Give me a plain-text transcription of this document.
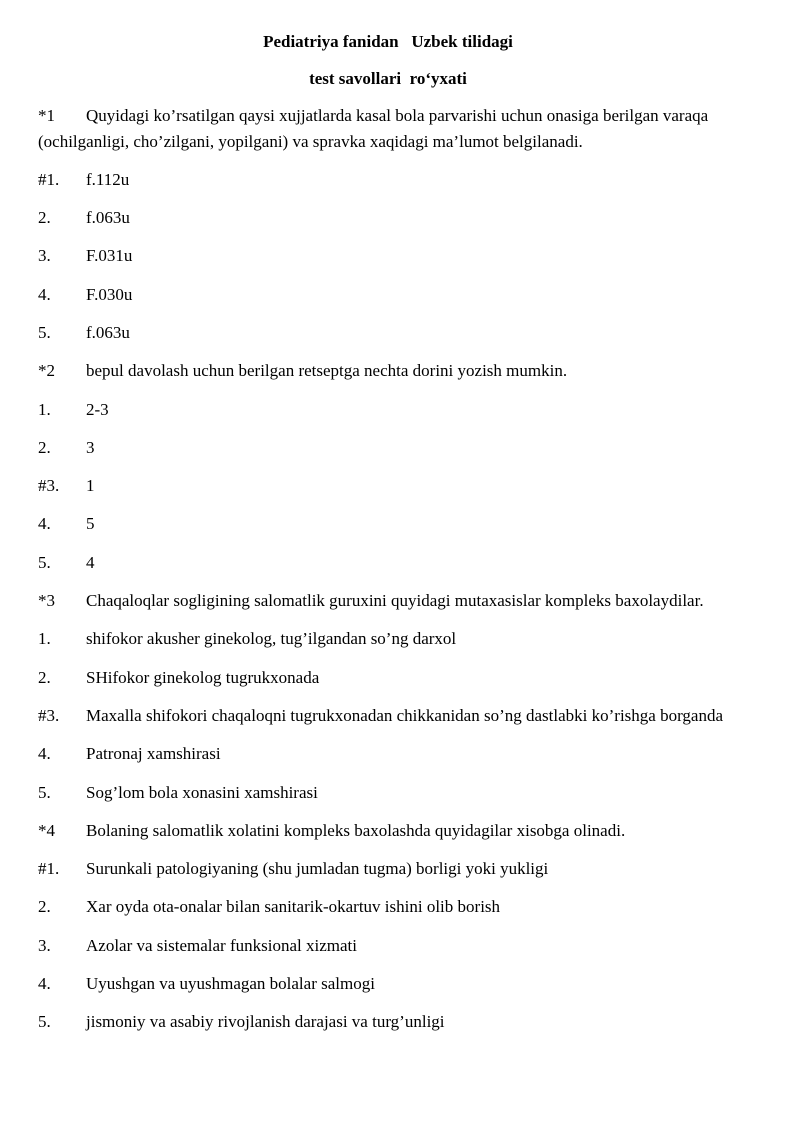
Pediatriya fanidan   Uzbek tilidagi
test savollari  ro‘yxati
*1 Quyidagi ko’rsatilgan qaysi xujjatlarda kasal bola parvarishi uchun onasiga berilgan varaqa (ochilganligi, cho’zilgani, yopilgani) va spravka xaqidagi ma’lumot belgilanadi.
#1. f.112u
2. f.063u
3. F.031u
4. F.030u
5. f.063u
*2 bepul davolash uchun berilgan retseptga nechta dorini yozish mumkin.
1. 2-3
2. 3
#3. 1
4. 5
5. 4
*3 Chaqaloqlar sogligining salomatlik guruxini quyidagi mutaxasislar kompleks baxolaydilar.
1. shifokor akusher ginekolog, tug’ilgandan so’ng darxol
2. SHifokor ginekolog tugrukxonada
#3. Maxalla shifokori chaqaloqni tugrukxonadan chikkanidan so’ng dastlabki ko’rishga borganda
4. Patronaj xamshirasi
5. Sog’lom bola xonasini xamshirasi
*4 Bolaning salomatlik xolatini kompleks baxolashda quyidagilar xisobga olinadi.
#1. Surunkali patologiyaning (shu jumladan tugma) borligi yoki yukligi
2. Xar oyda ota-onalar bilan sanitarik-okartuv ishini olib borish
3. Azolar va sistemalar funksional xizmati
4. Uyushgan va uyushmagan bolalar salmogi
5. jismoniy va asabiy rivojlanish darajasi va turg’unligi
